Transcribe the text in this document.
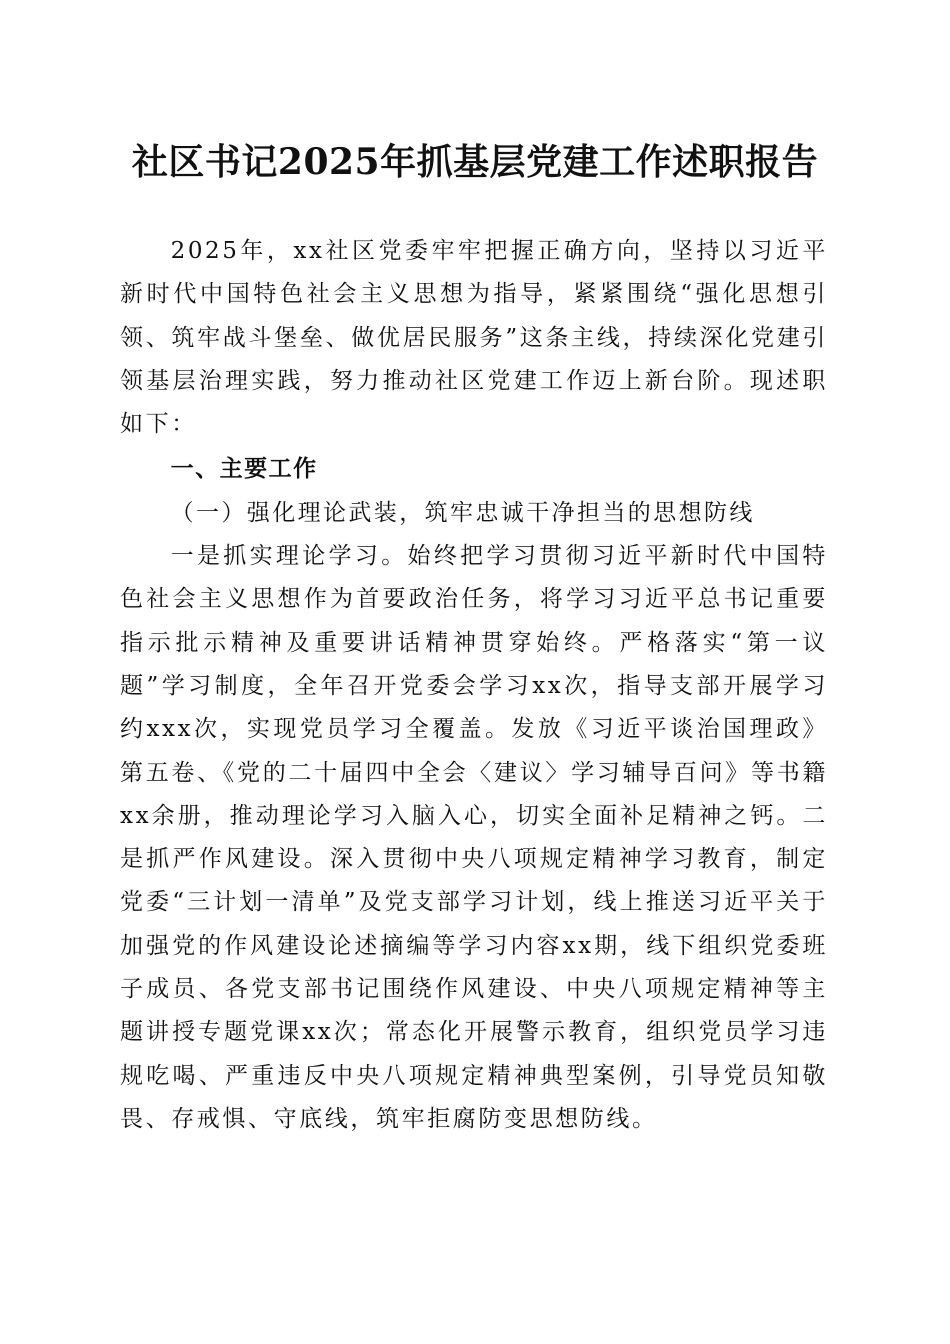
社区书记2025年抓基层党建工作述职报告

2025年，xx社区党委牢牢把握正确方向，坚持以习近平新时代中国特色社会主义思想为指导，紧紧围绕“强化思想引领、筑牢战斗堡垒、做优居民服务”这条主线，持续深化党建引领基层治理实践，努力推动社区党建工作迈上新台阶。现述职如下：

一、主要工作

（一）强化理论武装，筑牢忠诚干净担当的思想防线

一是抓实理论学习。始终把学习贯彻习近平新时代中国特色社会主义思想作为首要政治任务，将学习习近平总书记重要指示批示精神及重要讲话精神贯穿始终。严格落实“第一议题”学习制度，全年召开党委会学习xx次，指导支部开展学习约xxx次，实现党员学习全覆盖。发放《习近平谈治国理政》第五卷、《党的二十届四中全会〈建议〉学习辅导百问》等书籍xx余册，推动理论学习入脑入心，切实全面补足精神之钙。二是抓严作风建设。深入贯彻中央八项规定精神学习教育，制定党委“三计划一清单”及党支部学习计划，线上推送习近平关于加强党的作风建设论述摘编等学习内容xx期，线下组织党委班子成员、各党支部书记围绕作风建设、中央八项规定精神等主题讲授专题党课xx次；常态化开展警示教育，组织党员学习违规吃喝、严重违反中央八项规定精神典型案例，引导党员知敬畏、存戒惧、守底线，筑牢拒腐防变思想防线。
